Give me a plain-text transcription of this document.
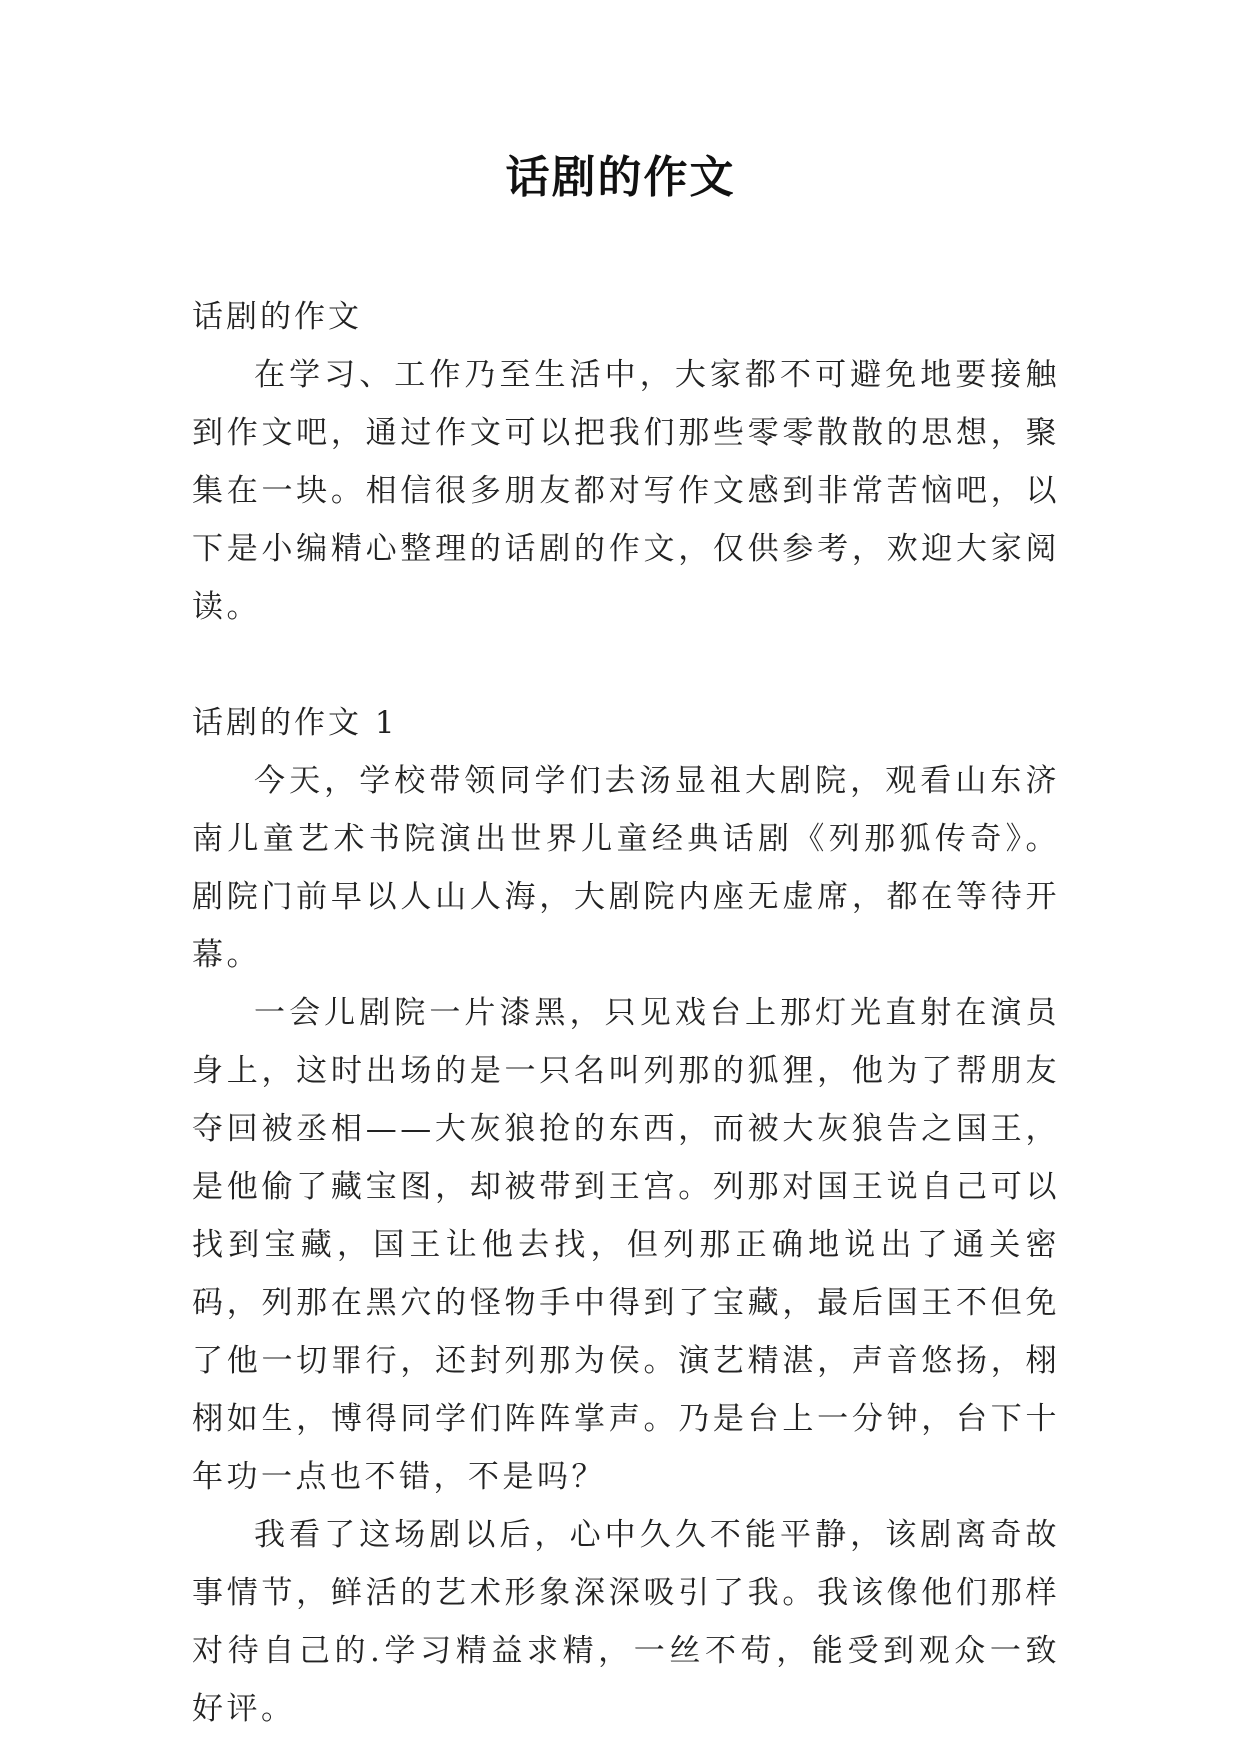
话剧的作文

话剧的作文

在学习、工作乃至生活中，大家都不可避免地要接触到作文吧，通过作文可以把我们那些零零散散的思想，聚集在一块。相信很多朋友都对写作文感到非常苦恼吧，以下是小编精心整理的话剧的作文，仅供参考，欢迎大家阅读。

话剧的作文 1

今天，学校带领同学们去汤显祖大剧院，观看山东济南儿童艺术书院演出世界儿童经典话剧《列那狐传奇》。剧院门前早以人山人海，大剧院内座无虚席，都在等待开幕。

一会儿剧院一片漆黑，只见戏台上那灯光直射在演员身上，这时出场的是一只名叫列那的狐狸，他为了帮朋友夺回被丞相——大灰狼抢的东西，而被大灰狼告之国王，是他偷了藏宝图，却被带到王宫。列那对国王说自己可以找到宝藏，国王让他去找，但列那正确地说出了通关密码，列那在黑穴的怪物手中得到了宝藏，最后国王不但免了他一切罪行，还封列那为侯。演艺精湛，声音悠扬，栩栩如生，博得同学们阵阵掌声。乃是台上一分钟，台下十年功一点也不错，不是吗？

我看了这场剧以后，心中久久不能平静，该剧离奇故事情节，鲜活的艺术形象深深吸引了我。我该像他们那样对待自己的.学习精益求精，一丝不苟，能受到观众一致好评。
